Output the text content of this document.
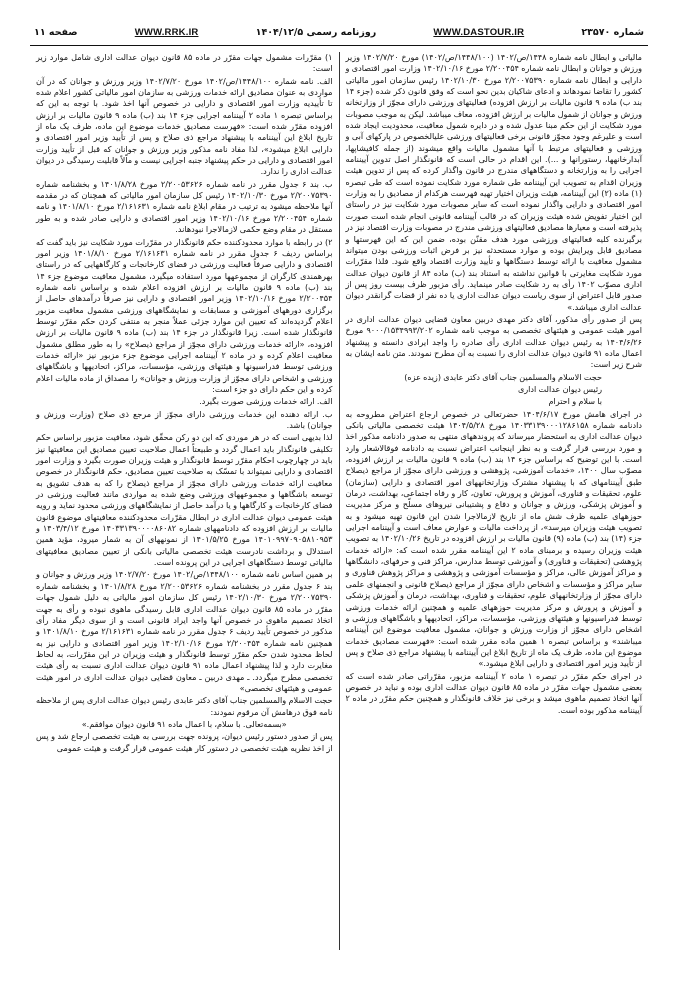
شماره ۲۳۵۷۰
WWW.DASTOUR.IR
روزنامه رسمی ۱۴۰۴/۱۲/۵
WWW.RRK.IR
صفحه ۱۱

مالیاتی و ابطال نامه شماره ۱۴۴۸/ص/۱۴۰۲ (۱۴۴۸/۱۰۰/ص/۱۴۰۲) مورخ ۱۴۰۲/۷/۲۰ وزیر ورزش و جوانان و ابطال نامه شماره ۲/۲۰۰۴۵۴ مورخ ۱۴۰۲/۱۰/۱۶ وزارت امور اقتصادی و دارایی و ابطال نامه شماره ۲/۲۰۰۷۵۳۹۰ مورخ ۱۴۰۲/۱۰/۳۰ رئیس سازمان امور مالیاتی کشور را تقاضا نمودهاند و ادعای شاکیان بدین نحو است که وفق قانون ذکر شده (جزء ۱۴ بند ب) ماده ۹ قانون مالیات بر ارزش افزوده) فعالیتهای ورزشی دارای مجوّز از وزارتخانه ورزش و جوانان از شمول مالیات بر ارزش افزوده، معاف میباشد. لیکن به موجب مصوبات مورد شکایت از این حکم مبنا عدول شده و در دایره شمول معافیت، محدودیت ایجاد شده است و علیرغم وجود مجوّز قانونی برخی فعالیتهای ورزشی علیالخصوص در پارکهای آبی و ورزشی و فعالیتهای مرتبط با آنها مشمول مالیات واقع میشوند (از جمله کافیشاپها، آبدارخانهها، رستورانها و ...). این اقدام در حالی است که قانونگذار اصل تدوین آییننامه اجرایی را به وزارتخانه و دستگاههای مندرج در قانون واگذار کرده که پس از تدوین هیئت وزیران اقدام به تصویب این آییننامه طی شماره مورد شکایت نموده است که طی تبصره (۱) ماده (۲) این آییننامه، هیئت وزیران اختیار تهیه فهرست هرکدام از مصادیق را به وزارت امور اقتصادی و دارایی واگذار نموده است که سایر مصوبات مورد شکایت نیز در راستای این اختیار تفویض شده هیئت وزیران که در قالب آییننامه قانونی انجام شده است صورت پذیرفته است و معیارها مصادیق فعالیتهای ورزشی مندرج در مصوبات وزارت اقتصاد نیز در برگیرنده کلیه فعالیتهای ورزشی مورد هدف مقنّن بوده، ضمن این که این فهرستها و مصادیق قابل ویرایش بوده و موارد مستحدثه نیز بر فرض اثبات ورزشی بودن میتواند مشمول معافیت با ارائه توسط دستگاهها و تأیید وزارت اقتصاد واقع شود. فلذا مقرّرات مورد شکایت مغایرتی با قوانین نداشته به استناد بند (ب) ماده ۸۴ از قانون دیوان عدالت اداری مصوّب ۱۴۰۲ رأی به رد شکایت صادر مینماید. رأی مزبور ظرف بیست روز پس از صدور قابل اعتراض از سوی ریاست دیوان عدالت اداری یا ده نفر از قضات گرانقدر دیوان عدالت اداری میباشد.»

پس از صدور رأی مذکور، آقای دکتر مهدی دربین معاون قضایی دیوان عدالت اداری در امور هیئت عمومی و هیئتهای تخصصی به موجب نامه شماره ۹۰۰۰/۱۵۳۴۹۹۳/۲۰۲ مورخ ۱۴۰۴/۶/۲۶ به رئیس دیوان عدالت اداری رأی صادره را واجد ایرادی دانسته و پیشنهاد اعمال ماده ۹۱ قانون دیوان عدالت اداری را نسبت به آن مطرح نمودند. متن نامه ایشان به شرح زیر است:

حجت الاسلام والمسلمین جناب آقای دکتر عابدی (زیده عزه)

رئیس دیوان عدالت اداری

با سلام و احترام

در اجرای هامش مورخ ۱۴۰۴/۶/۱۷ حضرتعالی در خصوص ارجاع اعتراض مطروحه به دادنامه شماره ۱۴۰۳۳۱۳۹۰۰۰۱۲۸۶۱۵۸ مورخ ۱۴۰۴/۵/۲۸ هیئت تخصصی مالیاتی بانکی دیوان عدالت اداری به استحضار میرساند که پروندههای منتهی به صدور دادنامه مذکور اخذ و مورد بررسی قرار گرفت و به نظر اینجانب اعتراض نسبت به دادنامه فوقالاشعار وارد است. با این توضیح که براساس جزء ۱۴ بند (ب) ماده ۹ قانون مالیات بر ارزش افزوده، مصوّب سال ۱۴۰۰، «خدمات آموزشی، پژوهشی و ورزشی دارای مجوّز از مراجع ذیصلاح طبق آییننامهای که با پیشنهاد مشترک وزارتخانههای امور اقتصادی و دارایی (سازمان) علوم، تحقیقات و فناوری، آموزش و پرورش، تعاون، کار و رفاه اجتماعی، بهداشت، درمان و آموزش پزشکی، ورزش و جوانان و دفاع و پشتیبانی نیروهای مسلّح و مرکز مدیریت حوزههای علمیه ظرف شش ماه از تاریخ لازمالاجرا شدن این قانون تهیه میشود و به تصویب هیئت وزیران میرسد»، از پرداخت مالیات و عوارض معاف است و آییننامه اجرایی جزء (۱۴) بند (ب) ماده (۹) قانون مالیات بر ارزش افزوده در تاریخ ۱۴۰۲/۱۰/۲۶ به تصویب هیئت وزیران رسیده و برمبنای ماده ۲ این آییننامه مقرر شده است که: «ارائه خدمات پژوهشی (تحقیقات و فناوری) و آموزشی توسط مدارس، مراکز فنی و حرفهای، دانشگاهها و مراکز آموزش عالی، مراکز و مؤسسات آموزشی و پژوهشی و مراکز پژوهش فناوری و سایر مراکز و مؤسسات و اشخاص دارای مجوّز از مراجع ذیصلاح قانونی و انجمنهای علمی دارای مجوّز از وزارتخانههای علوم، تحقیقات و فناوری، بهداشت، درمان و آموزش پزشکی و آموزش و پرورش و مرکز مدیریت حوزههای علمیه و همچنین ارائه خدمات ورزشی توسط فدراسیونها و هیئتهای ورزشی، مؤسسات، مراکز، اتحادیهها و باشگاههای ورزشی و اشخاص دارای مجوّز از وزارت ورزش و جوانان، مشمول معافیت موضوع این آییننامه میباشند» و براساس تبصره ۱ همین ماده مقرر شده است: «فهرست مصادیق خدمات موضوع این ماده، ظرف یک ماه از تاریخ ابلاغ این آییننامه با پیشنهاد مراجع ذی صلاح و پس از تأیید وزیر امور اقتصادی و دارایی ابلاغ میشود.»

در اجرای حکم مقرّر در تبصره ۱ ماده ۲ آییننامه مزبور، مقرّراتی صادر شده است که بعضی مشمول جهات مقرّر در ماده ۸۵ قانون دیوان عدالت اداری بوده و نباید در خصوص آنها اتخاذ تصمیم ماهوی میشد و برخی نیز خلاف قانونگذار و همچنین حکم مقرّر در ماده ۲ آییننامه مذکور بوده است.

۱) مقرّرات مشمول جهات مقرّر در ماده ۸۵ قانون دیوان عدالت اداری شامل موارد زیر است:

الف. نامه شماره ۱۴۴۸/۱۰۰/ص/۱۴۰۲ مورخ ۱۴۰۲/۷/۲۰ وزیر ورزش و جوانان که در آن مواردی به عنوان مصادیق ارائه خدمات ورزشی به سازمان امور مالیاتی کشور اعلام شده تا تأییدیه وزارت امور اقتصادی و دارایی در خصوص آنها اخذ شود. با توجه به این که براساس تبصره ۱ ماده ۲ آییننامه اجرایی جزء ۱۴ بند (ب) ماده ۹ قانون مالیات بر ارزش افزوده مقرّر شده است: «فهرست مصادیق خدمات موضوع این ماده، ظرف یک ماه از تاریخ ابلاغ این آییننامه با پیشنهاد مراجع ذی صلاح و پس از تأیید وزیر امور اقتصادی و دارایی ابلاغ میشود»، لذا مفاد نامه مذکور وزیر ورزش و جوانان که قبل از تأیید وزارت امور اقتصادی و دارایی در حکم پیشنهاد جنبه اجرایی نیست و ماّلاً قابلیت رسیدگی در دیوان عدالت اداری را ندارد.

ب. بند ۶ جدول مقرر در نامه شماره ۲/۲۰۰۵۳۶۲۶ مورخ ۱۴۰۱/۸/۲۸ و بخشنامه شماره ۲/۲۰۰۷۵۳۹۰ مورخ ۱۴۰۲/۱۰/۳۰ رئیس کل سازمان امور مالیاتی که همچنان که در مقدمه آنها ملاحظه میشود به ترتیب در مقام ابلاغ نامه شماره ۲/۱۶۱۶۳۱ مورخ ۱۴۰۱/۸/۱۰ و نامه شماره ۲/۲۰۰۴۵۴ مورخ ۱۴۰۲/۱۰/۱۶ وزیر امور اقتصادی و دارایی صادر شده و به طور مستقل در مقام وضع حکمی لازمالاجرا نبودهاند.

۲) در رابطه با موارد محدودکننده حکم قانونگذار در مقرّرات مورد شکایت نیز باید گفت که براساس ردیف ۶ جدول مقرر در نامه شماره ۲/۱۶۱۶۳۱ مورخ ۱۴۰۱/۸/۱۰ وزیر امور اقتصادی و دارایی صرفاً فعالیت ورزشی در فضای کارخانجات و کارگاههایی که در راستای بهرهمندی کارگران از مجموعهها مورد استفاده میگیرد، مشمول معافیت موضوع جزء ۱۴ بند (ب) ماده ۹ قانون مالیات بر ارزش افزوده اعلام شده و براساس نامه شماره ۲/۲۰۰۴۵۴ مورخ ۱۴۰۲/۱۰/۱۶ وزیر امور اقتصادی و دارایی نیز صرفاً درآمدهای حاصل از برگزاری دورههای آموزشی و مسابقات و نمایشگاههای ورزشی مشمول معافیت مزبور اعلام گردیده‌اند که تعیین این موارد جزئی عملاً منجر به منتفی کردن حکم مقرّر توسط قانونگذار شده است. زیرا قانونگذار در جزء ۱۴ بند (ب) ماده ۹ قانون مالیات بر ارزش افزوده، «ارائه خدمات ورزشی دارای مجوّز از مراجع ذیصلاح» را به طور مطلق مشمول معافیت اعلام کرده و در ماده ۲ آییننامه اجرایی موضوع جزء مزبور نیز «ارائه خدمات ورزشی توسط فدراسیونها و هیئتهای ورزشی، مؤسسات، مراکز، اتحادیهها و باشگاههای ورزشی و اشخاص دارای مجوّز از وزارت ورزش و جوانان» را مصداق از ماده مالیات اعلام کرده و این حکم دارای دو جزء است:

الف. ارائه خدمات ورزشی صورت بگیرد.

ب. ارائه دهنده این خدمات ورزشی دارای مجوّز از مرجع ذی صلاح (وزارت ورزش و جوانان) باشد.

لذا بدیهی است که در هر موردی که این دو رکن محقّق شود، معافیت مزبور براساس حکم تکلیفی قانونگذار باید اعمال گردد و طبیعتاً اعمال صلاحیت تعیین مصادیق این معافیتها نیز باید در چهارچوب احکام مقرّر توسط قانونگذار و هیئت وزیران صورت بگیرد و وزارت امور اقتصادی و دارایی نمیتواند با تمسّک به صلاحیت تعیین مصادیق، حکم قانونگذار در خصوص معافیت ارائه خدمات ورزشی دارای مجوّز از مراجع ذیصلاح را که به هدف تشویق به توسعه باشگاهها و مجموعههای ورزشی وضع شده به مواردی مانند فعالیت ورزشی در فضای کارخانجات و کارگاهها و یا درآمد حاصل از نمایشگاههای ورزشی محدود نماید و رویه هیئت عمومی دیوان عدالت اداری در ابطال مقرّرات محدودکننده معافیتهای موضوع قانون مالیات بر ارزش افزوده که دادنامههای شماره ۱۴۰۳۳۱۳۹۰۰۰۰۸۶۰۸۲ مورخ ۱۴۰۳/۴/۱۲ و ۱۴۰۱۰۹۹۷۰۹۰۵۸۱۰۹۵۳ مورخ ۱۴۰۱/۵/۲۵ از نمونههای آن به شمار میرود، مؤید همین استدلال و برداشت نادرست هیئت تخصصی مالیاتی بانکی از تعیین مصادیق معافیتهای مالیاتی توسط دستگاههای اجرایی در این پرونده است.

بر همین اساس نامه شماره ۱۴۴۸/۱۰۰/ص/۱۴۰۲ مورخ ۱۴۰۲/۷/۲۰ وزیر ورزش و جوانان و بند ۶ جدول مقرر در بخشنامه شماره ۲/۲۰۰۵۳۶۲۶ مورخ ۱۴۰۱/۸/۲۸ و بخشنامه شماره ۲/۲۰۰۷۵۳۹۰ مورخ ۱۴۰۲/۱۰/۳۰ رئیس کل سازمان امور مالیاتی به دلیل شمول جهات مقرّر در ماده ۸۵ قانون دیوان عدالت اداری قابل رسیدگی ماهوی نبوده و رأی به جهت اتخاذ تصمیم ماهوی در خصوص آنها واجد ایراد قانونی است و از سوی دیگر مفاد رأی مذکور در خصوص تأیید ردیف ۶ جدول مقرر در نامه شماره ۲/۱۶۱۶۳۱ مورخ ۱۴۰۱/۸/۱۰ و همچنین نامه شماره ۲/۲۰۰۴۵۴ مورخ ۱۴۰۲/۱۰/۱۶ وزیر امور اقتصادی و دارایی نیز به لحاظ محدود شدن حکم مقرّر توسط قانونگذار و هیئت وزیران در این مقرّرات، به لحاظ مغایرت دارد و لذا پیشنهاد اعمال ماده ۹۱ قانون دیوان عدالت اداری نسبت به رأی هیئت تخصصی مطرح میگردد. ـ مهدی دربین ـ معاون قضایی دیوان عدالت اداری در امور هیئت عمومی و هیئتهای تخصصی»

حجت الاسلام والمسلمین جناب آقای دکتر عابدی رئیس دیوان عدالت اداری پس از ملاحظه نامه فوق درهامش آن مرقوم نمودند:

«بسمه‌تعالی. با سلام، با اعمال ماده ۹۱ قانون دیوان موافقم.»

پس از صدور دستور رئیس دیوان، پرونده جهت بررسی به هیئت تخصصی ارجاع شد و پس از اخذ نظریه هیئت تخصصی در دستور کار هیئت عمومی قرار گرفت و هیئت عمومی
